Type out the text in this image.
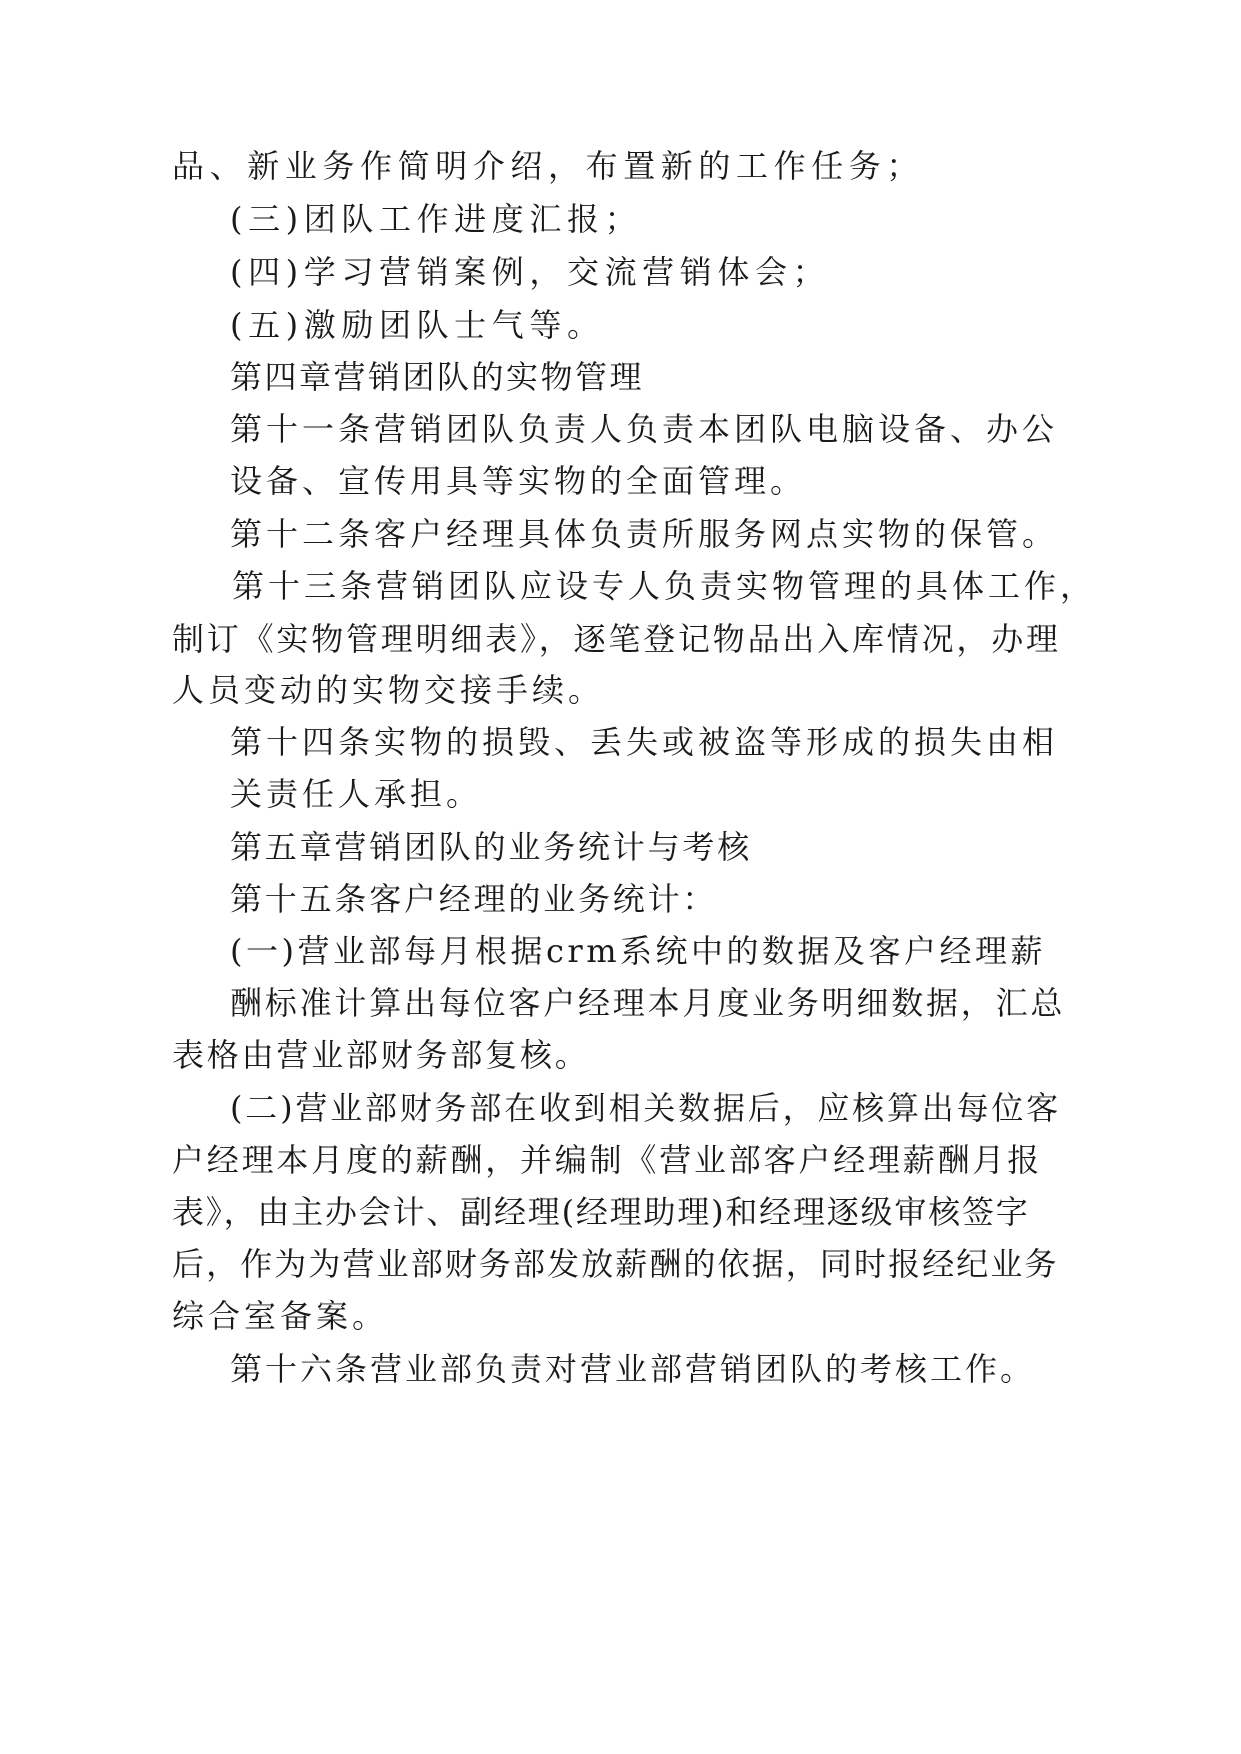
品、新业务作简明介绍，布置新的工作任务；

(三)团队工作进度汇报；

(四)学习营销案例，交流营销体会；

(五)激励团队士气等。

第四章营销团队的实物管理

第十一条营销团队负责人负责本团队电脑设备、办公

设备、宣传用具等实物的全面管理。

第十二条客户经理具体负责所服务网点实物的保管。

第十三条营销团队应设专人负责实物管理的具体工作，

制订《实物管理明细表》，逐笔登记物品出入库情况，办理

人员变动的实物交接手续。

第十四条实物的损毁、丢失或被盗等形成的损失由相

关责任人承担。

第五章营销团队的业务统计与考核

第十五条客户经理的业务统计：

(一)营业部每月根据crm系统中的数据及客户经理薪

酬标准计算出每位客户经理本月度业务明细数据，汇总

表格由营业部财务部复核。

(二)营业部财务部在收到相关数据后，应核算出每位客

户经理本月度的薪酬，并编制《营业部客户经理薪酬月报

表》，由主办会计、副经理(经理助理)和经理逐级审核签字

后，作为为营业部财务部发放薪酬的依据，同时报经纪业务

综合室备案。

第十六条营业部负责对营业部营销团队的考核工作。
